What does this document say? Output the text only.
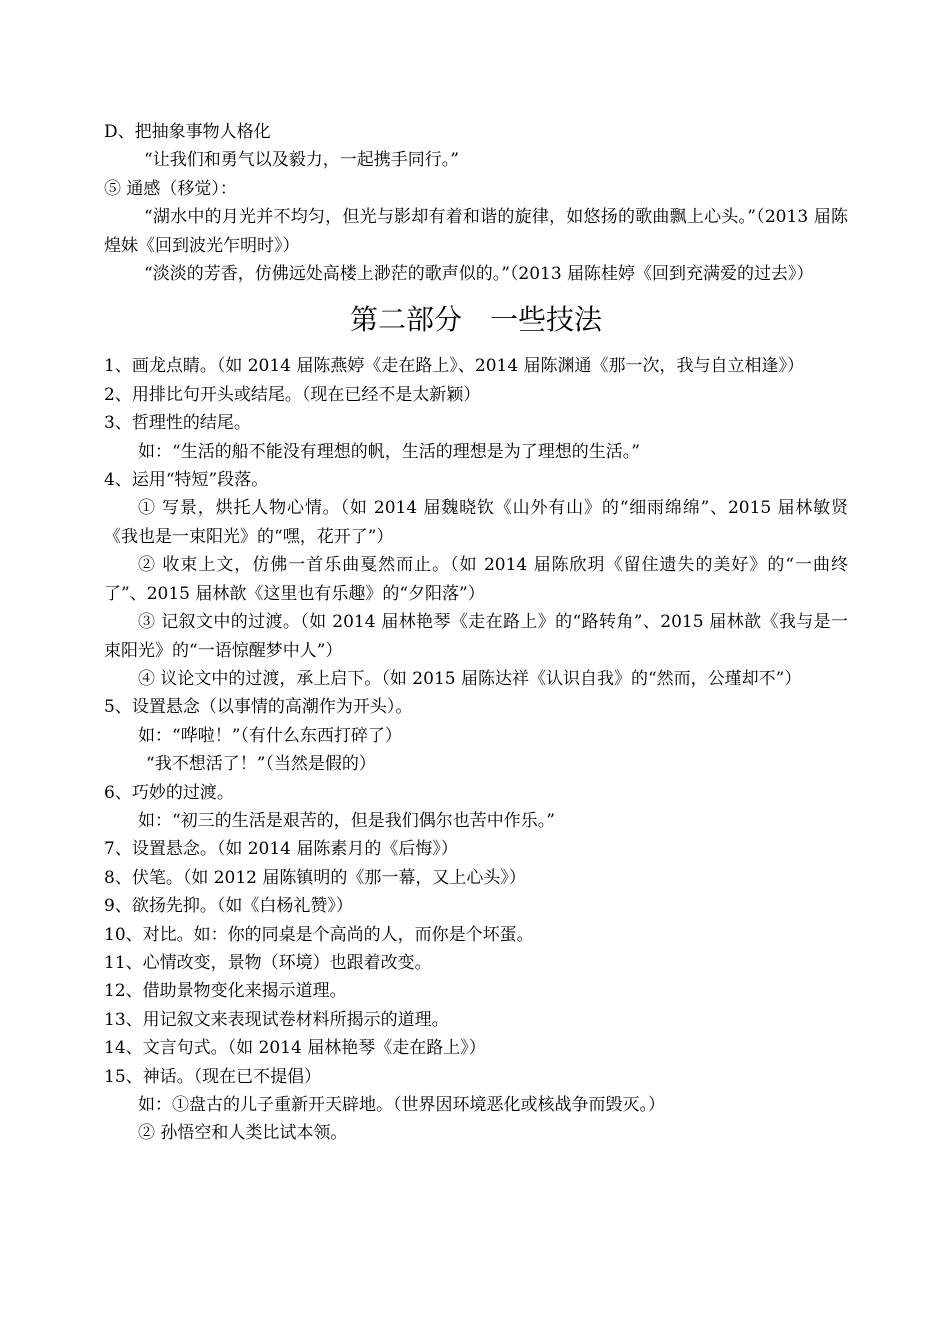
D、把抽象事物人格化
“让我们和勇气以及毅力，一起携手同行。”
⑤ 通感（移觉）：
“湖水中的月光并不均匀，但光与影却有着和谐的旋律，如悠扬的歌曲飘上心头。”（2013 届陈煌妹《回到波光乍明时》）
“淡淡的芳香，仿佛远处高楼上渺茫的歌声似的。”（2013 届陈桂婷《回到充满爱的过去》）
第二部分　一些技法
1、画龙点睛。（如 2014 届陈燕婷《走在路上》、2014 届陈渊通《那一次，我与自立相逢》）
2、用排比句开头或结尾。（现在已经不是太新颖）
3、哲理性的结尾。
如：“生活的船不能没有理想的帆，生活的理想是为了理想的生活。”
4、运用“特短”段落。
① 写景，烘托人物心情。（如 2014 届魏晓钦《山外有山》的“细雨绵绵”、2015 届林敏贤《我也是一束阳光》的“嘿，花开了”）
② 收束上文，仿佛一首乐曲戛然而止。（如 2014 届陈欣玥《留住遗失的美好》的“一曲终了”、2015 届林歆《这里也有乐趣》的“夕阳落”）
③ 记叙文中的过渡。（如 2014 届林艳琴《走在路上》的“路转角”、2015 届林歆《我与是一束阳光》的“一语惊醒梦中人”）
④ 议论文中的过渡，承上启下。（如 2015 届陈达祥《认识自我》的“然而，公瑾却不”）
5、设置悬念（以事情的高潮作为开头）。
如：“哗啦！”（有什么东西打碎了）
“我不想活了！”（当然是假的）
6、巧妙的过渡。
如：“初三的生活是艰苦的，但是我们偶尔也苦中作乐。”
7、设置悬念。（如 2014 届陈素月的《后悔》）
8、伏笔。（如 2012 届陈镇明的《那一幕，又上心头》）
9、欲扬先抑。（如《白杨礼赞》）
10、对比。如：你的同桌是个高尚的人，而你是个坏蛋。
11、心情改变，景物（环境）也跟着改变。
12、借助景物变化来揭示道理。
13、用记叙文来表现试卷材料所揭示的道理。
14、文言句式。（如 2014 届林艳琴《走在路上》）
15、神话。（现在已不提倡）
如：①盘古的儿子重新开天辟地。（世界因环境恶化或核战争而毁灭。）
② 孙悟空和人类比试本领。
